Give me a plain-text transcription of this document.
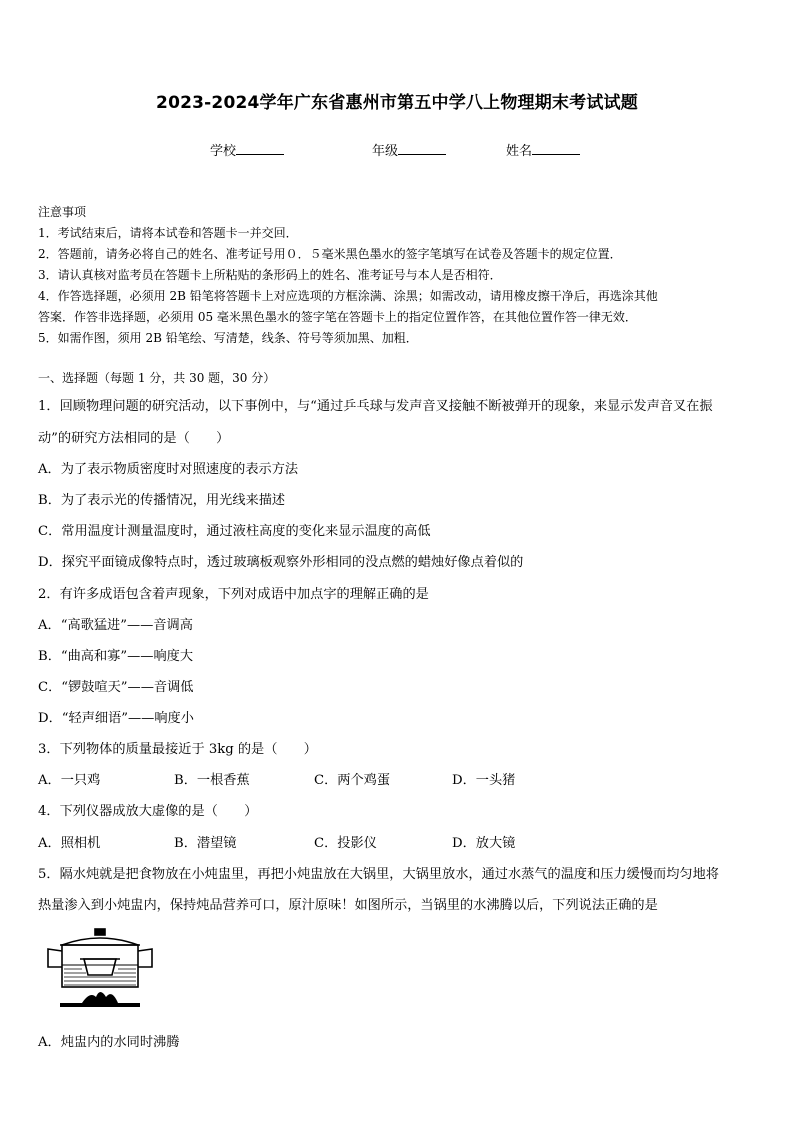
2023-2024学年广东省惠州市第五中学八上物理期末考试试题
学校	年级	姓名
注意事项
1．考试结束后，请将本试卷和答题卡一并交回．
2．答题前，请务必将自己的姓名、准考证号用０．５毫米黑色墨水的签字笔填写在试卷及答题卡的规定位置．
3．请认真核对监考员在答题卡上所粘贴的条形码上的姓名、准考证号与本人是否相符．
4．作答选择题，必须用 2B 铅笔将答题卡上对应选项的方框涂满、涂黑；如需改动，请用橡皮擦干净后，再选涂其他
答案．作答非选择题，必须用 05 毫米黑色墨水的签字笔在答题卡上的指定位置作答，在其他位置作答一律无效．
5．如需作图，须用 2B 铅笔绘、写清楚，线条、符号等须加黑、加粗．
一、选择题（每题 1 分，共 30 题，30 分）
1．回顾物理问题的研究活动，以下事例中，与“通过乒乓球与发声音叉接触不断被弹开的现象，来显示发声音叉在振
动”的研究方法相同的是（　　）
A．为了表示物质密度时对照速度的表示方法
B．为了表示光的传播情况，用光线来描述
C．常用温度计测量温度时，通过液柱高度的变化来显示温度的高低
D．探究平面镜成像特点时，透过玻璃板观察外形相同的没点燃的蜡烛好像点着似的
2．有许多成语包含着声现象，下列对成语中加点字的理解正确的是
A．“高歌猛进”——音调高
B．“曲高和寡”——响度大
C．“锣鼓喧天”——音调低
D．“轻声细语”——响度小
3．下列物体的质量最接近于 3kg 的是（　　）
A．一只鸡	B．一根香蕉	C．两个鸡蛋	D．一头猪
4．下列仪器成放大虚像的是（　　）
A．照相机	B．潜望镜	C．投影仪	D．放大镜
5．隔水炖就是把食物放在小炖盅里，再把小炖盅放在大锅里，大锅里放水，通过水蒸气的温度和压力缓慢而均匀地将
热量渗入到小炖盅内，保持炖品营养可口，原汁原味！如图所示，当锅里的水沸腾以后，下列说法正确的是
A．炖盅内的水同时沸腾
